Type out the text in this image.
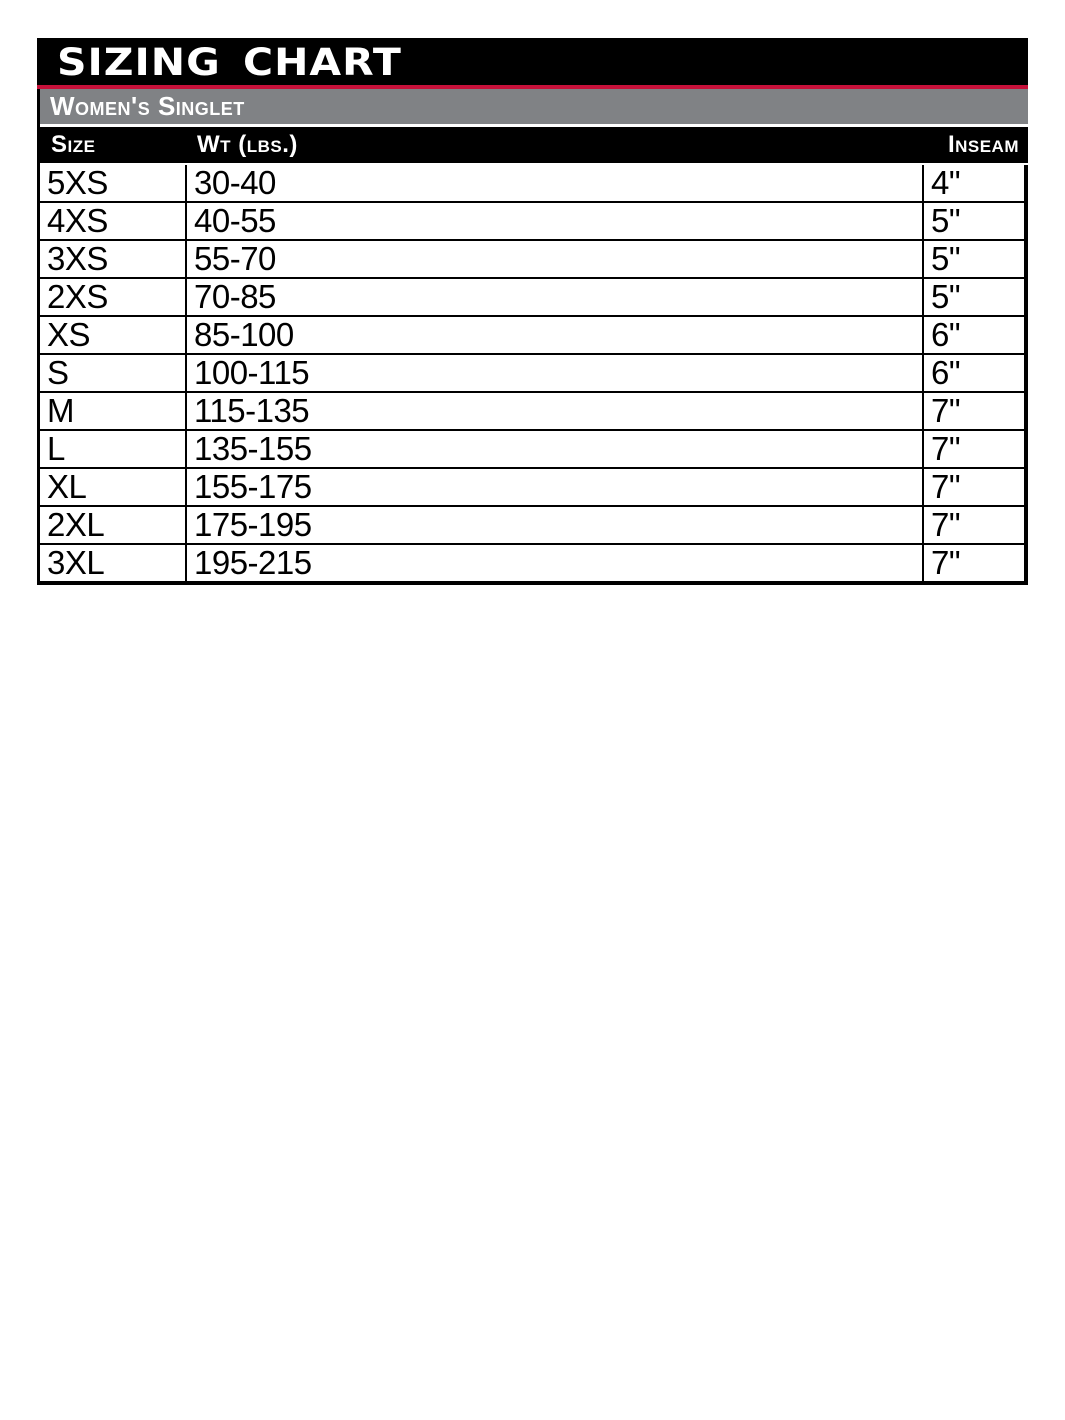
SIZING CHART
Women's Singlet
Size	Wt (lbs.)	Inseam
5XS	30-40	4"
4XS	40-55	5"
3XS	55-70	5"
2XS	70-85	5"
XS	85-100	6"
S	100-115	6"
M	115-135	7"
L	135-155	7"
XL	155-175	7"
2XL	175-195	7"
3XL	195-215	7"
